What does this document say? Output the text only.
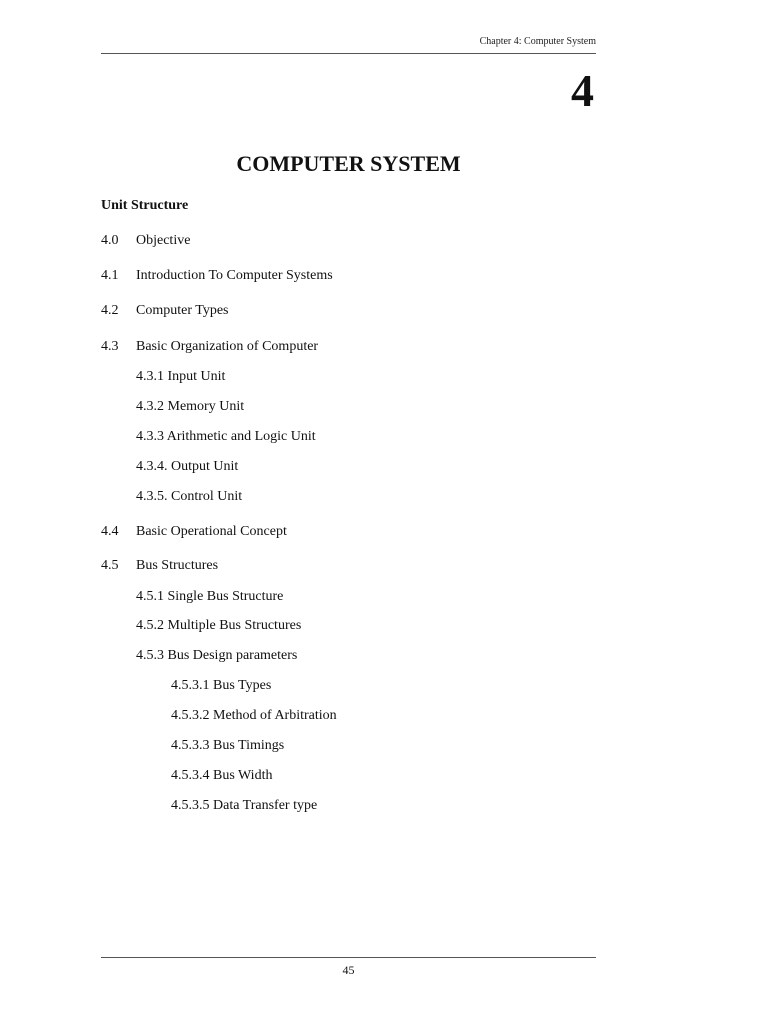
Chapter 4: Computer System
4
COMPUTER SYSTEM
Unit Structure
4.0 Objective
4.1 Introduction To Computer Systems
4.2 Computer Types
4.3 Basic Organization of Computer
4.3.1 Input Unit
4.3.2 Memory Unit
4.3.3 Arithmetic and Logic Unit
4.3.4. Output Unit
4.3.5. Control Unit
4.4 Basic Operational Concept
4.5 Bus Structures
4.5.1 Single Bus Structure
4.5.2 Multiple Bus Structures
4.5.3 Bus Design parameters
4.5.3.1 Bus Types
4.5.3.2 Method of Arbitration
4.5.3.3 Bus Timings
4.5.3.4 Bus Width
4.5.3.5 Data Transfer type
45
